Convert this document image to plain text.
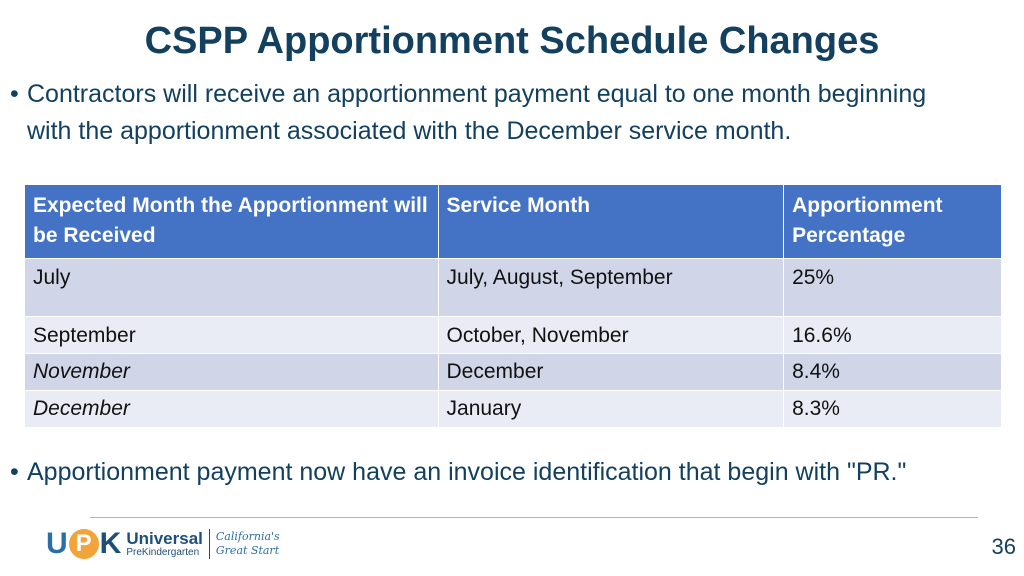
CSPP Apportionment Schedule Changes
• Contractors will receive an apportionment payment equal to one month beginning with the apportionment associated with the December service month.
Expected Month the Apportionment will be Received	Service Month	Apportionment Percentage
July	July, August, September	25%
September	October, November	16.6%
November	December	8.4%
December	January	8.3%
• Apportionment payment now have an invoice identification that begin with "PR."
U P K Universal
PreKindergarten
California's
Great Start	36
